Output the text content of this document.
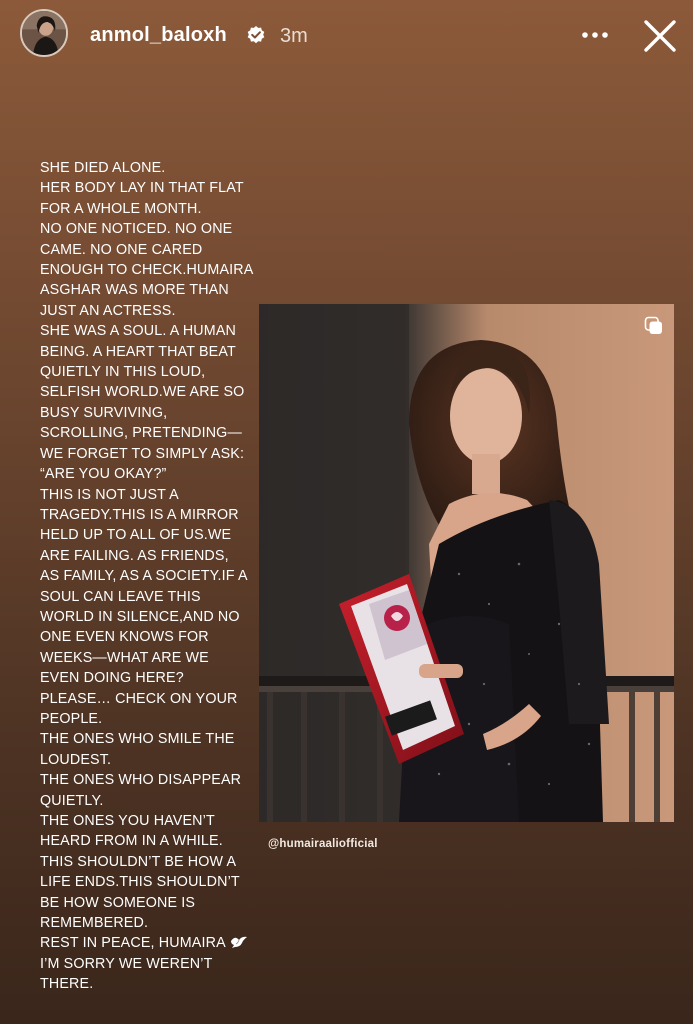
anmol_baloxh	3m
SHE DIED ALONE.
HER BODY LAY IN THAT FLAT
FOR A WHOLE MONTH.
NO ONE NOTICED. NO ONE
CAME. NO ONE CARED
ENOUGH TO CHECK.HUMAIRA
ASGHAR WAS MORE THAN
JUST AN ACTRESS.
SHE WAS A SOUL. A HUMAN
BEING. A HEART THAT BEAT
QUIETLY IN THIS LOUD,
SELFISH WORLD.WE ARE SO
BUSY SURVIVING,
SCROLLING, PRETENDING—
WE FORGET TO SIMPLY ASK:
“ARE YOU OKAY?”
THIS IS NOT JUST A
TRAGEDY.THIS IS A MIRROR
HELD UP TO ALL OF US.WE
ARE FAILING. AS FRIENDS,
AS FAMILY, AS A SOCIETY.IF A
SOUL CAN LEAVE THIS
WORLD IN SILENCE,AND NO
ONE EVEN KNOWS FOR
WEEKS—WHAT ARE WE
EVEN DOING HERE?
PLEASE… CHECK ON YOUR
PEOPLE.
THE ONES WHO SMILE THE
LOUDEST.
THE ONES WHO DISAPPEAR
QUIETLY.
THE ONES YOU HAVEN’T
HEARD FROM IN A WHILE.
THIS SHOULDN’T BE HOW A
LIFE ENDS.THIS SHOULDN’T
BE HOW SOMEONE IS
REMEMBERED.
REST IN PEACE, HUMAIRA
I’M SORRY WE WEREN’T
THERE.
@humairaaliofficial
